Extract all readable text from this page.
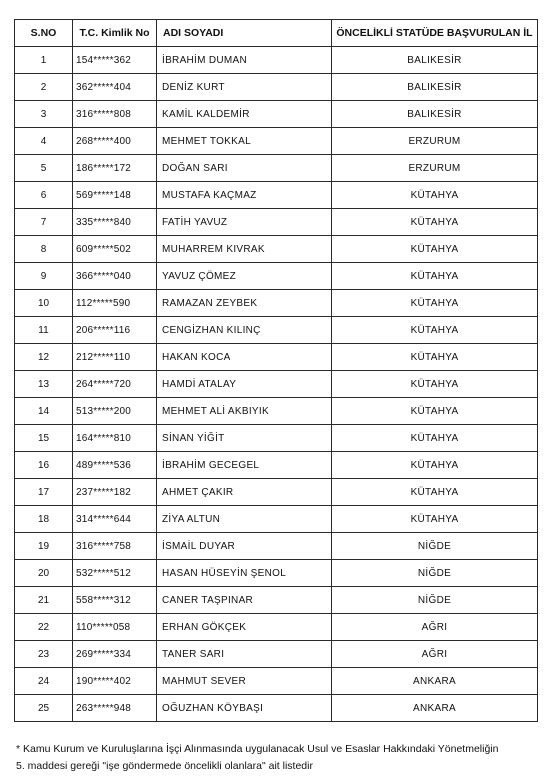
S.NO	T.C. Kimlik No	ADI SOYADI	ÖNCELİKLİ STATÜDE BAŞVURULAN İL
1	154*****362	İBRAHİM DUMAN	BALIKESİR
2	362*****404	DENİZ KURT	BALIKESİR
3	316*****808	KAMİL KALDEMİR	BALIKESİR
4	268*****400	MEHMET TOKKAL	ERZURUM
5	186*****172	DOĞAN SARI	ERZURUM
6	569*****148	MUSTAFA KAÇMAZ	KÜTAHYA
7	335*****840	FATİH YAVUZ	KÜTAHYA
8	609*****502	MUHARREM KIVRAK	KÜTAHYA
9	366*****040	YAVUZ ÇÖMEZ	KÜTAHYA
10	112*****590	RAMAZAN ZEYBEK	KÜTAHYA
11	206*****116	CENGİZHAN KILINÇ	KÜTAHYA
12	212*****110	HAKAN KOCA	KÜTAHYA
13	264*****720	HAMDİ ATALAY	KÜTAHYA
14	513*****200	MEHMET ALİ AKBIYIK	KÜTAHYA
15	164*****810	SİNAN YİĞİT	KÜTAHYA
16	489*****536	İBRAHİM GECEGEL	KÜTAHYA
17	237*****182	AHMET ÇAKIR	KÜTAHYA
18	314*****644	ZİYA ALTUN	KÜTAHYA
19	316*****758	İSMAİL DUYAR	NİĞDE
20	532*****512	HASAN HÜSEYİN ŞENOL	NİĞDE
21	558*****312	CANER TAŞPINAR	NİĞDE
22	110*****058	ERHAN GÖKÇEK	AĞRI
23	269*****334	TANER SARI	AĞRI
24	190*****402	MAHMUT SEVER	ANKARA
25	263*****948	OĞUZHAN KÖYBAŞI	ANKARA
* Kamu Kurum ve Kuruluşlarına İşçi Alınmasında uygulanacak Usul ve Esaslar Hakkındaki Yönetmeliğin
5. maddesi gereği "işe göndermede öncelikli olanlara" ait listedir
